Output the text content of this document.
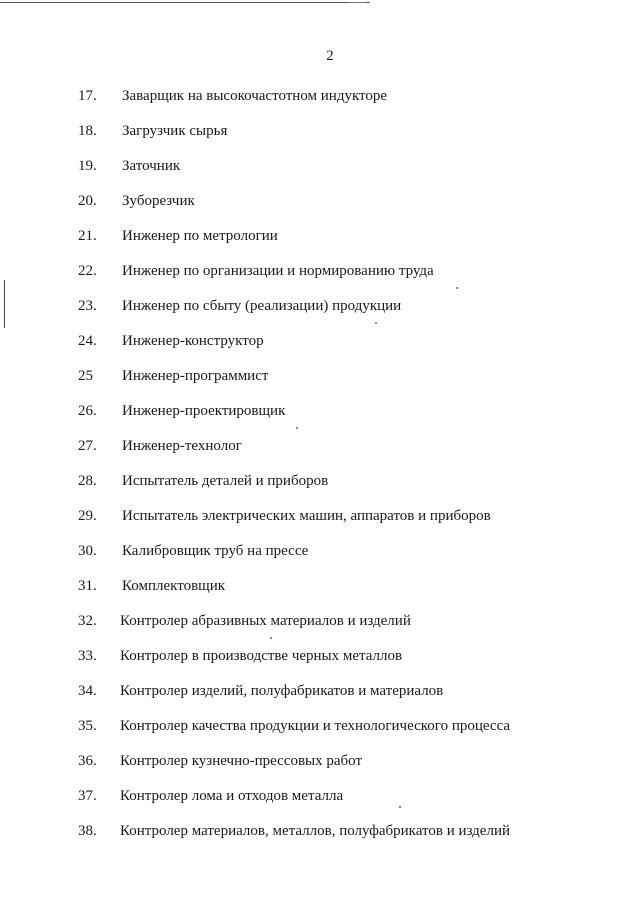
2
17. Заварщик на высокочастотном индукторе
18. Загрузчик сырья
19. Заточник
20. Зуборезчик
21. Инженер по метрологии
22. Инженер по организации и нормированию труда
23. Инженер по сбыту (реализации) продукции
24. Инженер-конструктор
25 Инженер-программист
26. Инженер-проектировщик
27. Инженер-технолог
28. Испытатель деталей и приборов
29. Испытатель электрических машин, аппаратов и приборов
30. Калибровщик труб на прессе
31. Комплектовщик
32. Контролер абразивных материалов и изделий
33. Контролер в производстве черных металлов
34. Контролер изделий, полуфабрикатов и материалов
35. Контролер качества продукции и технологического процесса
36. Контролер кузнечно-прессовых работ
37. Контролер лома и отходов металла
38. Контролер материалов, металлов, полуфабрикатов и изделий
